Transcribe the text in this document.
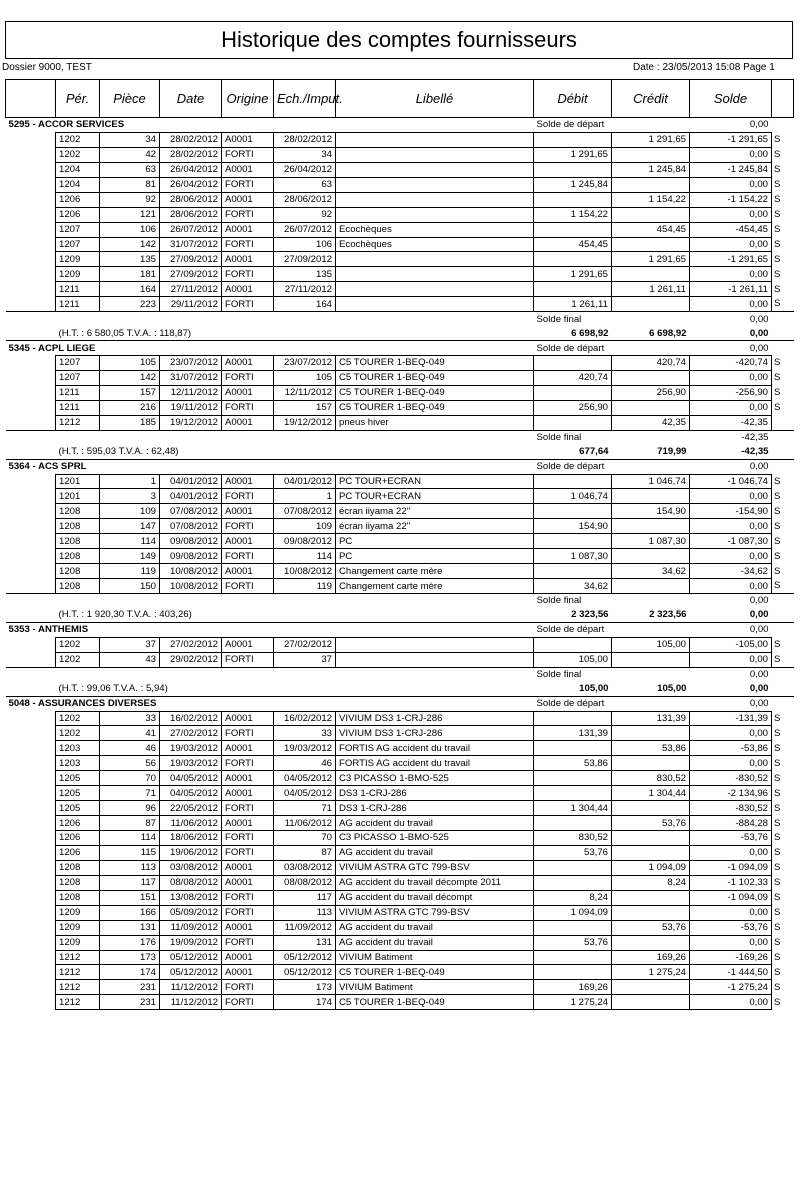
Historique des comptes fournisseurs
Dossier 9000, TEST	Date : 23/05/2013 15:08 Page 1
	Pér.	Pièce	Date	Origine	Ech./Imput.	Libellé	Débit	Crédit	Solde	
5295 - ACCOR SERVICES							Solde de départ		0,00	
	1202	34	28/02/2012	A0001	28/02/2012			1 291,65	-1 291,65	S
	1202	42	28/02/2012	FORTI	34		1 291,65		0,00	S
	1204	63	26/04/2012	A0001	26/04/2012			1 245,84	-1 245,84	S
	1204	81	26/04/2012	FORTI	63		1 245,84		0,00	S
	1206	92	28/06/2012	A0001	28/06/2012			1 154,22	-1 154,22	S
	1206	121	28/06/2012	FORTI	92		1 154,22		0,00	S
	1207	106	26/07/2012	A0001	26/07/2012	Ecochèques		454,45	-454,45	S
	1207	142	31/07/2012	FORTI	106	Ecochèques	454,45		0,00	S
	1209	135	27/09/2012	A0001	27/09/2012			1 291,65	-1 291,65	S
	1209	181	27/09/2012	FORTI	135		1 291,65		0,00	S
	1211	164	27/11/2012	A0001	27/11/2012			1 261,11	-1 261,11	S
	1211	223	29/11/2012	FORTI	164		1 261,11		0,00	S
							Solde final		0,00	
	(H.T. : 6 580,05 T.V.A. : 118,87)						6 698,92	6 698,92	0,00	
5345 - ACPL LIEGE							Solde de départ		0,00	
	1207	105	23/07/2012	A0001	23/07/2012	C5 TOURER 1-BEQ-049		420,74	-420,74	S
	1207	142	31/07/2012	FORTI	105	C5 TOURER 1-BEQ-049	420,74		0,00	S
	1211	157	12/11/2012	A0001	12/11/2012	C5 TOURER 1-BEQ-049		256,90	-256,90	S
	1211	216	19/11/2012	FORTI	157	C5 TOURER 1-BEQ-049	256,90		0,00	S
	1212	185	19/12/2012	A0001	19/12/2012	pneus hiver		42,35	-42,35	
							Solde final		-42,35	
	(H.T. : 595,03 T.V.A. : 62,48)						677,64	719,99	-42,35	
5364 - ACS SPRL							Solde de départ		0,00	
	1201	1	04/01/2012	A0001	04/01/2012	PC TOUR+ECRAN		1 046,74	-1 046,74	S
	1201	3	04/01/2012	FORTI	1	PC TOUR+ECRAN	1 046,74		0,00	S
	1208	109	07/08/2012	A0001	07/08/2012	écran iiyama 22''		154,90	-154,90	S
	1208	147	07/08/2012	FORTI	109	écran iiyama 22''	154,90		0,00	S
	1208	114	09/08/2012	A0001	09/08/2012	PC		1 087,30	-1 087,30	S
	1208	149	09/08/2012	FORTI	114	PC	1 087,30		0,00	S
	1208	119	10/08/2012	A0001	10/08/2012	Changement carte mère		34,62	-34,62	S
	1208	150	10/08/2012	FORTI	119	Changement carte mère	34,62		0,00	S
							Solde final		0,00	
	(H.T. : 1 920,30 T.V.A. : 403,26)						2 323,56	2 323,56	0,00	
5353 - ANTHEMIS							Solde de départ		0,00	
	1202	37	27/02/2012	A0001	27/02/2012			105,00	-105,00	S
	1202	43	29/02/2012	FORTI	37		105,00		0,00	S
							Solde final		0,00	
	(H.T. : 99,06 T.V.A. : 5,94)						105,00	105,00	0,00	
5048 - ASSURANCES DIVERSES							Solde de départ		0,00	
	1202	33	16/02/2012	A0001	16/02/2012	VIVIUM DS3 1-CRJ-286		131,39	-131,39	S
	1202	41	27/02/2012	FORTI	33	VIVIUM DS3 1-CRJ-286	131,39		0,00	S
	1203	46	19/03/2012	A0001	19/03/2012	FORTIS AG accident du travail		53,86	-53,86	S
	1203	56	19/03/2012	FORTI	46	FORTIS AG accident du travail	53,86		0,00	S
	1205	70	04/05/2012	A0001	04/05/2012	C3 PICASSO 1-BMO-525		830,52	-830,52	S
	1205	71	04/05/2012	A0001	04/05/2012	DS3 1-CRJ-286		1 304,44	-2 134,96	S
	1205	96	22/05/2012	FORTI	71	DS3 1-CRJ-286	1 304,44		-830,52	S
	1206	87	11/06/2012	A0001	11/06/2012	AG accident du travail		53,76	-884,28	S
	1206	114	18/06/2012	FORTI	70	C3 PICASSO 1-BMO-525	830,52		-53,76	S
	1206	115	19/06/2012	FORTI	87	AG accident du travail	53,76		0,00	S
	1208	113	03/08/2012	A0001	03/08/2012	VIVIUM ASTRA GTC 799-BSV		1 094,09	-1 094,09	S
	1208	117	08/08/2012	A0001	08/08/2012	AG accident du travail décompte 2011		8,24	-1 102,33	S
	1208	151	13/08/2012	FORTI	117	AG accident du travail décompt	8,24		-1 094,09	S
	1209	166	05/09/2012	FORTI	113	VIVIUM ASTRA GTC 799-BSV	1 094,09		0,00	S
	1209	131	11/09/2012	A0001	11/09/2012	AG accident du travail		53,76	-53,76	S
	1209	176	19/09/2012	FORTI	131	AG accident du travail	53,76		0,00	S
	1212	173	05/12/2012	A0001	05/12/2012	VIVIUM Batiment		169,26	-169,26	S
	1212	174	05/12/2012	A0001	05/12/2012	C5 TOURER 1-BEQ-049		1 275,24	-1 444,50	S
	1212	231	11/12/2012	FORTI	173	VIVIUM Batiment	169,26		-1 275,24	S
	1212	231	11/12/2012	FORTI	174	C5 TOURER 1-BEQ-049	1 275,24		0,00	S
